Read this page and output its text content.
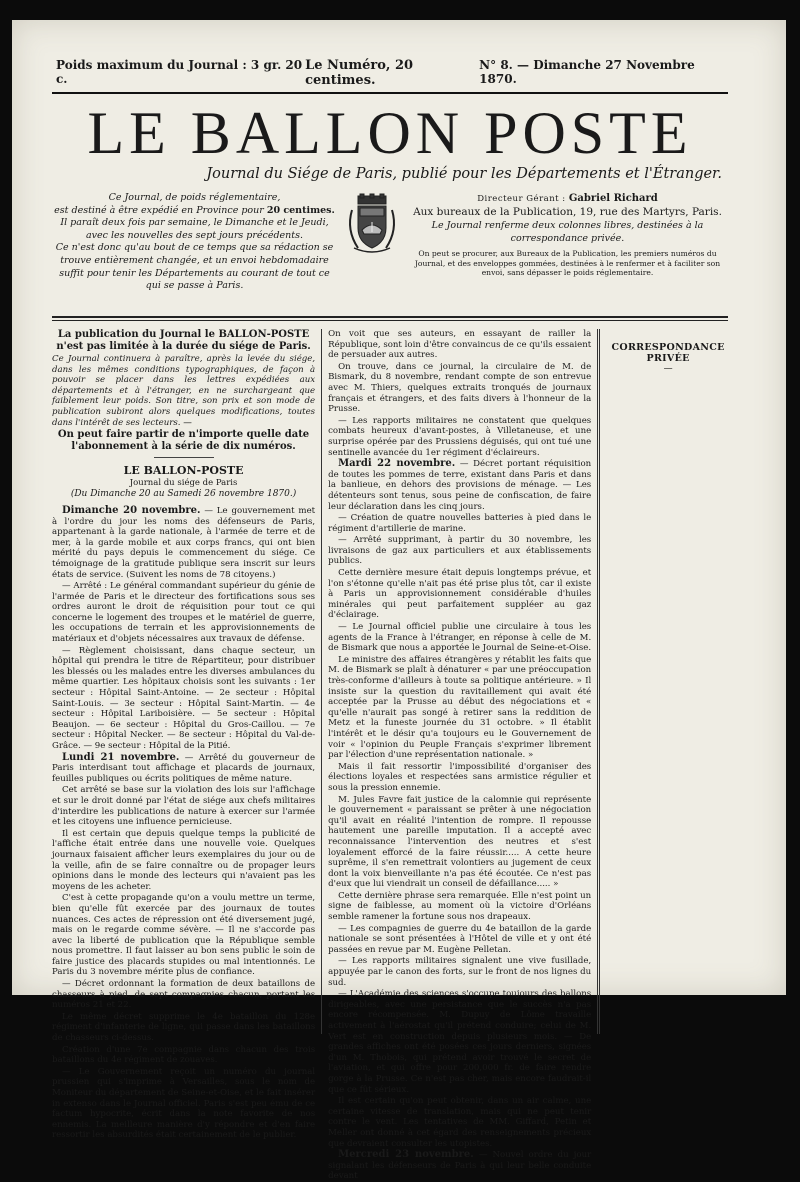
Poids maximum du Journal : 3 gr. 20 c.
Le Numéro, 20 centimes.
N° 8. — Dimanche 27 Novembre 1870.
LE BALLON POSTE
Journal du Siége de Paris, publié pour les Départements et l'Étranger.
Ce Journal, de poids réglementaire,
est destiné à être expédié en Province pour 20 centimes.
Il paraît deux fois par semaine, le Dimanche et le Jeudi, avec les nouvelles des sept jours précédents.
Ce n'est donc qu'au bout de ce temps que sa rédaction se trouve entièrement changée, et un envoi hebdomadaire suffit pour tenir les Départements au courant de tout ce qui se passe à Paris.
Directeur Gérant : Gabriel Richard
Aux bureaux de la Publication, 19, rue des Martyrs, Paris.
Le Journal renferme deux colonnes libres, destinées à la correspondance privée.
On peut se procurer, aux Bureaux de la Publication, les premiers numéros du Journal, et des enveloppes gommées, destinées à le renfermer et à faciliter son envoi, sans dépasser le poids réglementaire.

La publication du Journal le BALLON-POSTE n'est pas limitée à la durée du siége de Paris.

Ce Journal continuera à paraître, après la levée du siége, dans les mêmes conditions typographiques, de façon à pouvoir se placer dans les lettres expédiées aux départements et à l'étranger, en ne surchargeant que faiblement leur poids. Son titre, son prix et son mode de publication subiront alors quelques modifications, toutes dans l'intérêt de ses lecteurs. —

On peut faire partir de n'importe quelle date l'abonnement à la série de dix numéros.

LE BALLON-POSTE

Journal du siége de Paris

(Du Dimanche 20 au Samedi 26 novembre 1870.)

Dimanche 20 novembre. — Le gouvernement met à l'ordre du jour les noms des défenseurs de Paris, appartenant à la garde nationale, à l'armée de terre et de mer, à la garde mobile et aux corps francs, qui ont bien mérité du pays depuis le commencement du siége. Ce témoignage de la gratitude publique sera inscrit sur leurs états de service. (Suivent les noms de 78 citoyens.)

— Arrêté : Le général commandant supérieur du génie de l'armée de Paris et le directeur des fortifications sous ses ordres auront le droit de réquisition pour tout ce qui concerne le logement des troupes et le matériel de guerre, les occupations de terrain et les approvisionnements de matériaux et d'objets nécessaires aux travaux de défense.

— Règlement choisissant, dans chaque secteur, un hôpital qui prendra le titre de Répartiteur, pour distribuer les blessés ou les malades entre les diverses ambulances du même quartier. Les hôpitaux choisis sont les suivants : 1er secteur : Hôpital Saint-Antoine. — 2e secteur : Hôpital Saint-Louis. — 3e secteur : Hôpital Saint-Martin. — 4e secteur : Hôpital Lariboisière. — 5e secteur : Hôpital Beaujon. — 6e secteur : Hôpital du Gros-Caillou. — 7e secteur : Hôpital Necker. — 8e secteur : Hôpital du Val-de-Grâce. — 9e secteur : Hôpital de la Pitié.

Lundi 21 novembre. — Arrêté du gouverneur de Paris interdisant tout affichage et placards de journaux, feuilles publiques ou écrits politiques de même nature.

Cet arrêté se base sur la violation des lois sur l'affichage et sur le droit donné par l'état de siége aux chefs militaires d'interdire les publications de nature à exercer sur l'armée et les citoyens une influence pernicieuse.

Il est certain que depuis quelque temps la publicité de l'affiche était entrée dans une nouvelle voie. Quelques journaux faisaient afficher leurs exemplaires du jour ou de la veille, afin de se faire connaître ou de propager leurs opinions dans le monde des lecteurs qui n'avaient pas les moyens de les acheter.

C'est à cette propagande qu'on a voulu mettre un terme, bien qu'elle fût exercée par des journaux de toutes nuances. Ces actes de répression ont été diversement jugé, mais on le regarde comme sévère. — Il ne s'accorde pas avec la liberté de publication que la République semble nous promettre. Il faut laisser au bon sens public le soin de faire justice des placards stupides ou mal intentionnés. Le Paris du 3 novembre mérite plus de confiance.

— Décret ordonnant la formation de deux bataillons de chasseurs à pied, de sept compagnies chacun, portant les numéros 21 et 22.

Le même décret supprime le 4e bataillon du 128e régiment d'infanterie de ligne, qui passe dans les bataillons de chasseurs ci-dessus.

Création d'une 7e compagnie dans chacun des trois bataillons du 4e régiment de zouaves.

— Le Gouvernement reçoit un numéro du journal prussien qui s'imprime à Versailles, sous le nom de Moniteur du département de Seine-et-Oise, et le fait insérer in extenso dans le Journal officiel. Paris s'est peu ému de ce factum hypocrite, écrit dans la note favorite de nos ennemis. La meilleure manière d'y répondre et d'en faire ressortir les absurdités était certainement de le publier.

On voit que ses auteurs, en essayant de railler la République, sont loin d'être convaincus de ce qu'ils essaient de persuader aux autres.

On trouve, dans ce journal, la circulaire de M. de Bismark, du 8 novembre, rendant compte de son entrevue avec M. Thiers, quelques extraits tronqués de journaux français et étrangers, et des faits divers à l'honneur de la Prusse.

— Les rapports militaires ne constatent que quelques combats heureux d'avant-postes, à Villetaneuse, et une surprise opérée par des Prussiens déguisés, qui ont tué une sentinelle avancée du 1er régiment d'éclaireurs.

Mardi 22 novembre. — Décret portant réquisition de toutes les pommes de terre, existant dans Paris et dans la banlieue, en dehors des provisions de ménage. — Les détenteurs sont tenus, sous peine de confiscation, de faire leur déclaration dans les cinq jours.

— Création de quatre nouvelles batteries à pied dans le régiment d'artillerie de marine.

— Arrêté supprimant, à partir du 30 novembre, les livraisons de gaz aux particuliers et aux établissements publics.

Cette dernière mesure était depuis longtemps prévue, et l'on s'étonne qu'elle n'ait pas été prise plus tôt, car il existe à Paris un approvisionnement considérable d'huiles minérales qui peut parfaitement suppléer au gaz d'éclairage.

— Le Journal officiel publie une circulaire à tous les agents de la France à l'étranger, en réponse à celle de M. de Bismark que nous a apportée le Journal de Seine-et-Oise.

Le ministre des affaires étrangères y rétablit les faits que M. de Bismark se plaît à dénaturer « par une préoccupation très-conforme d'ailleurs à toute sa politique antérieure. » Il insiste sur la question du ravitaillement qui avait été acceptée par la Prusse au début des négociations et « qu'elle n'aurait pas songé à retirer sans la reddition de Metz et la funeste journée du 31 octobre. » Il établit l'intérêt et le désir qu'a toujours eu le Gouvernement de voir « l'opinion du Peuple Français s'exprimer librement par l'élection d'une représentation nationale. »

Mais il fait ressortir l'impossibilité d'organiser des élections loyales et respectées sans armistice régulier et sous la pression ennemie.

M. Jules Favre fait justice de la calomnie qui représente le gouvernement « paraissant se prêter à une négociation qu'il avait en réalité l'intention de rompre. Il repousse hautement une pareille imputation. Il a accepté avec reconnaissance l'intervention des neutres et s'est loyalement efforcé de la faire réussir..... A cette heure suprême, il s'en remettrait volontiers au jugement de ceux dont la voix bienveillante n'a pas été écoutée. Ce n'est pas d'eux que lui viendrait un conseil de défaillance..... »

Cette dernière phrase sera remarquée. Elle n'est point un signe de faiblesse, au moment où la victoire d'Orléans semble ramener la fortune sous nos drapeaux.

— Les compagnies de guerre du 4e bataillon de la garde nationale se sont présentées à l'Hôtel de ville et y ont été passées en revue par M. Eugène Pelletan.

— Les rapports militaires signalent une vive fusillade, appuyée par le canon des forts, sur le front de nos lignes du sud.

— L'Académie des sciences s'occupe toujours des ballons dirigeables, avec une persistance que le succès n'a pas encore récompensée. M. Dupuy de Lôme travaille activement à l'aérostat qu'il prétend conduire; celui de M. Vert est en construction depuis plusieurs mois. — De grandes affiches ont été posées ces jours derniers, signées d'un M. Thobois, qui prétend avoir trouvé le secret de l'aviation, et qui offre pour 200,000 fr. de faire rendre gorge à la Prusse. Ce n'est pas cher, mais encore faudrait-il que ce fût sérieux.

Il est certain qu'on peut obtenir, dans un air calme, une certaine vitesse de translation, mais qui ne peut tenir contre le vent. Les tentatives de MM. Giffard, Petin et Meller ont donné à cet égard des renseignements précieux que devraient consulter les utopistes.

Mercredi 23 novembre. — Nouvel ordre du jour signalant les défenseurs de Paris à qui leur belle conduite devant

CORRESPONDANCE PRIVÉE
—
